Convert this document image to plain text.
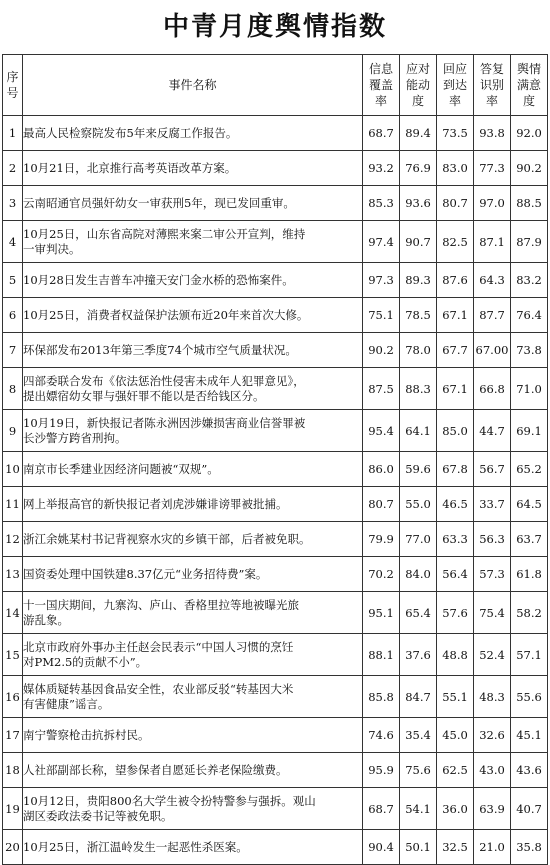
中青月度舆情指数
序
号	事件名称	信息
覆盖
率	应对
能动
度	回应
到达
率	答复
识别
率	舆情
满意
度

1	最高人民检察院发布5年来反腐工作报告。	68.7	89.4	73.5	93.8	92.0
2	10月21日，北京推行高考英语改革方案。	93.2	76.9	83.0	77.3	90.2
3	云南昭通官员强奸幼女一审获刑5年，现已发回重审。	85.3	93.6	80.7	97.0	88.5
4	10月25日，山东省高院对薄熙来案二审公开宣判，维持
一审判决。	97.4	90.7	82.5	87.1	87.9
5	10月28日发生吉普车冲撞天安门金水桥的恐怖案件。	97.3	89.3	87.6	64.3	83.2
6	10月25日，消费者权益保护法颁布近20年来首次大修。	75.1	78.5	67.1	87.7	76.4
7	环保部发布2013年第三季度74个城市空气质量状况。	90.2	78.0	67.7	67.00	73.8
8	四部委联合发布《依法惩治性侵害未成年人犯罪意见》，
提出嫖宿幼女罪与强奸罪不能以是否给钱区分。	87.5	88.3	67.1	66.8	71.0
9	10月19日，新快报记者陈永洲因涉嫌损害商业信誉罪被
长沙警方跨省刑拘。	95.4	64.1	85.0	44.7	69.1
10	南京市长季建业因经济问题被“双规”。	86.0	59.6	67.8	56.7	65.2
11	网上举报高官的新快报记者刘虎涉嫌诽谤罪被批捕。	80.7	55.0	46.5	33.7	64.5
12	浙江余姚某村书记背视察水灾的乡镇干部，后者被免职。	79.9	77.0	63.3	56.3	63.7
13	国资委处理中国铁建8.37亿元“业务招待费”案。	70.2	84.0	56.4	57.3	61.8
14	十一国庆期间，九寨沟、庐山、香格里拉等地被曝光旅
游乱象。	95.1	65.4	57.6	75.4	58.2
15	北京市政府外事办主任赵会民表示“中国人习惯的烹饪
对PM2.5的贡献不小”。	88.1	37.6	48.8	52.4	57.1
16	媒体质疑转基因食品安全性，农业部反驳“转基因大米
有害健康”谣言。	85.8	84.7	55.1	48.3	55.6
17	南宁警察枪击抗拆村民。	74.6	35.4	45.0	32.6	45.1
18	人社部副部长称，望参保者自愿延长养老保险缴费。	95.9	75.6	62.5	43.0	43.6
19	10月12日，贵阳800名大学生被令扮特警参与强拆。观山
湖区委政法委书记等被免职。	68.7	54.1	36.0	63.9	40.7
20	10月25日，浙江温岭发生一起恶性杀医案。	90.4	50.1	32.5	21.0	35.8
